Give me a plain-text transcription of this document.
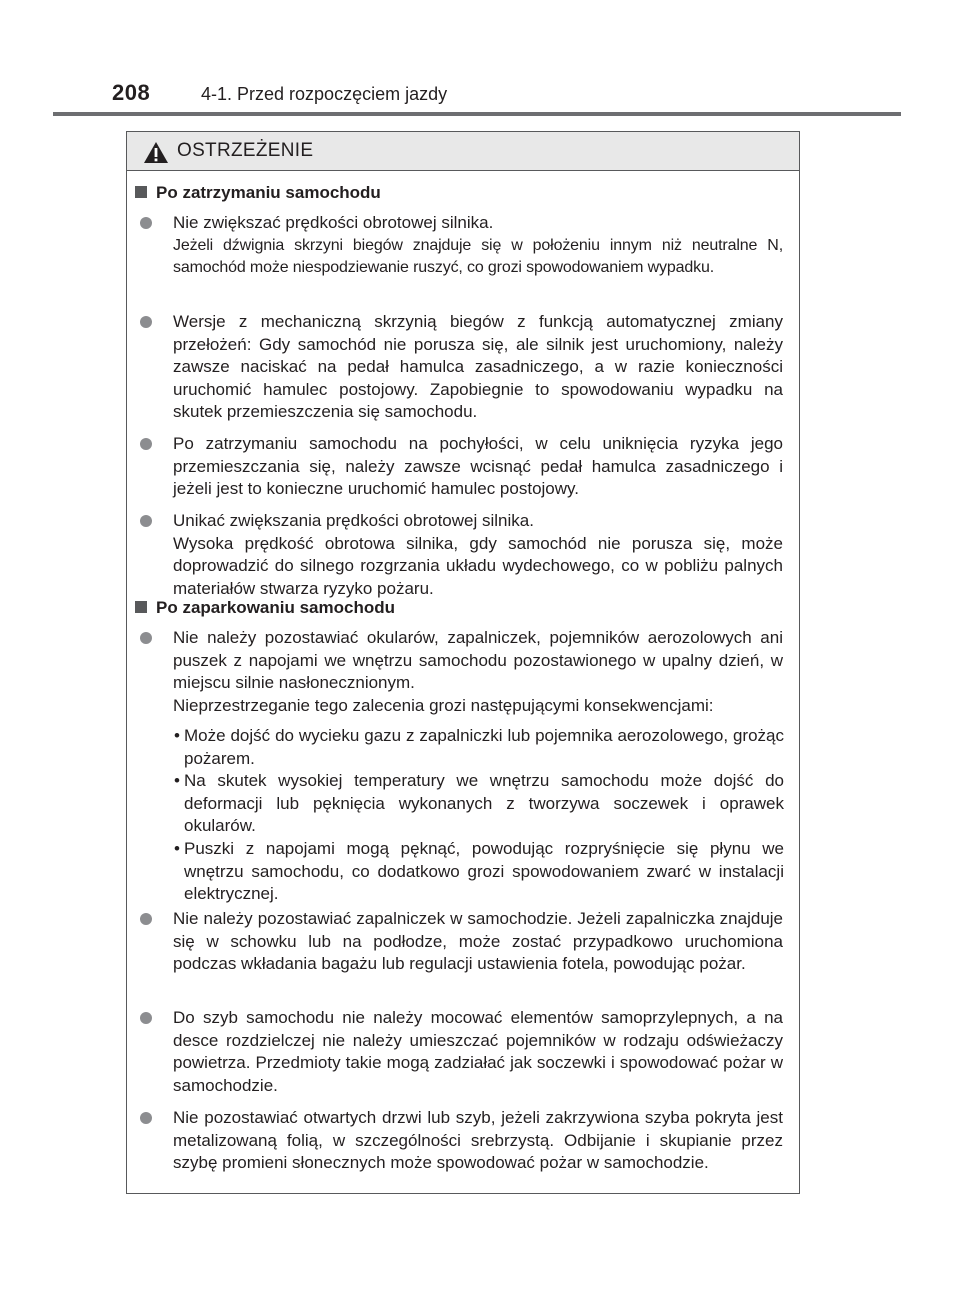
208	4-1. Przed rozpoczęciem jazdy
OSTRZEŻENIE
Po zatrzymaniu samochodu

Nie zwiększać prędkości obrotowej silnika.

Jeżeli dźwignia skrzyni biegów znajduje się w położeniu innym niż neutralne N, samochód może niespodziewanie ruszyć, co grozi spowodowaniem wypadku.

Wersje z mechaniczną skrzynią biegów z funkcją automatycznej zmiany przełożeń: Gdy samochód nie porusza się, ale silnik jest uruchomiony, należy zawsze naciskać na pedał hamulca zasadniczego, a w razie konieczności uruchomić hamulec postojowy. Zapobiegnie to spowodowaniu wypadku na skutek przemieszczenia się samochodu.

Po zatrzymaniu samochodu na pochyłości, w celu uniknięcia ryzyka jego przemieszczania się, należy zawsze wcisnąć pedał hamulca zasadniczego i jeżeli jest to konieczne uruchomić hamulec postojowy.

Unikać zwiększania prędkości obrotowej silnika.

Wysoka prędkość obrotowa silnika, gdy samochód nie porusza się, może doprowadzić do silnego rozgrzania układu wydechowego, co w pobliżu palnych materiałów stwarza ryzyko pożaru.

Po zaparkowaniu samochodu

Nie należy pozostawiać okularów, zapalniczek, pojemników aerozolowych ani puszek z napojami we wnętrzu samochodu pozostawionego w upalny dzień, w miejscu silnie nasłonecznionym.

Nieprzestrzeganie tego zalecenia grozi następującymi konsekwencjami:

• Może dojść do wycieku gazu z zapalniczki lub pojemnika aerozolowego, grożąc pożarem.

• Na skutek wysokiej temperatury we wnętrzu samochodu może dojść do deformacji lub pęknięcia wykonanych z tworzywa soczewek i oprawek okularów.

• Puszki z napojami mogą pęknąć, powodując rozpryśnięcie się płynu we wnętrzu samochodu, co dodatkowo grozi spowodowaniem zwarć w instalacji elektrycznej.

Nie należy pozostawiać zapalniczek w samochodzie. Jeżeli zapalniczka znajduje się w schowku lub na podłodze, może zostać przypadkowo uruchomiona podczas wkładania bagażu lub regulacji ustawienia fotela, powodując pożar.

Do szyb samochodu nie należy mocować elementów samoprzylepnych, a na desce rozdzielczej nie należy umieszczać pojemników w rodzaju odświeżaczy powietrza. Przedmioty takie mogą zadziałać jak soczewki i spowodować pożar w samochodzie.

Nie pozostawiać otwartych drzwi lub szyb, jeżeli zakrzywiona szyba pokryta jest metalizowaną folią, w szczególności srebrzystą. Odbijanie i skupianie przez szybę promieni słonecznych może spowodować pożar w samochodzie.
